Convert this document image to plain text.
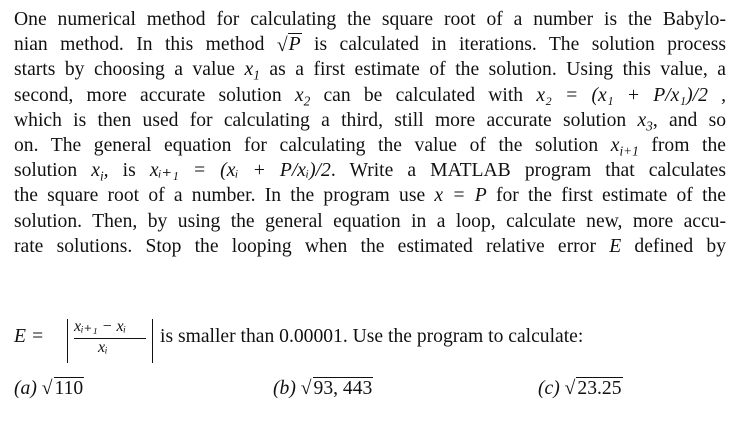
One numerical method for calculating the square root of a number is the Babylo-
nian method. In this method √ P is calculated in iterations. The solution process
starts by choosing a value $x_1$ as a first estimate of the solution. Using this value, a
second, more accurate solution $x_2$ can be calculated with x₂ = (x₁ + P/x₁)/2 ,
which is then used for calculating a third, still more accurate solution $x_3$, and so
on. The general equation for calculating the value of the solution $x_{i+1}$ from the
solution $x_i$, is xᵢ₊₁ = (xᵢ + P/xᵢ)/2. Write a MATLAB program that calculates
the square root of a number. In the program use x = P for the first estimate of the
solution. Then, by using the general equation in a loop, calculate new, more accu-
rate solutions. Stop the looping when the estimated relative error E defined by
E = xᵢ₊₁ − xᵢ
xᵢ
is smaller than 0.00001. Use the program to calculate:
(a) √ 110	(b) √ 93, 443	(c) √ 23.25
